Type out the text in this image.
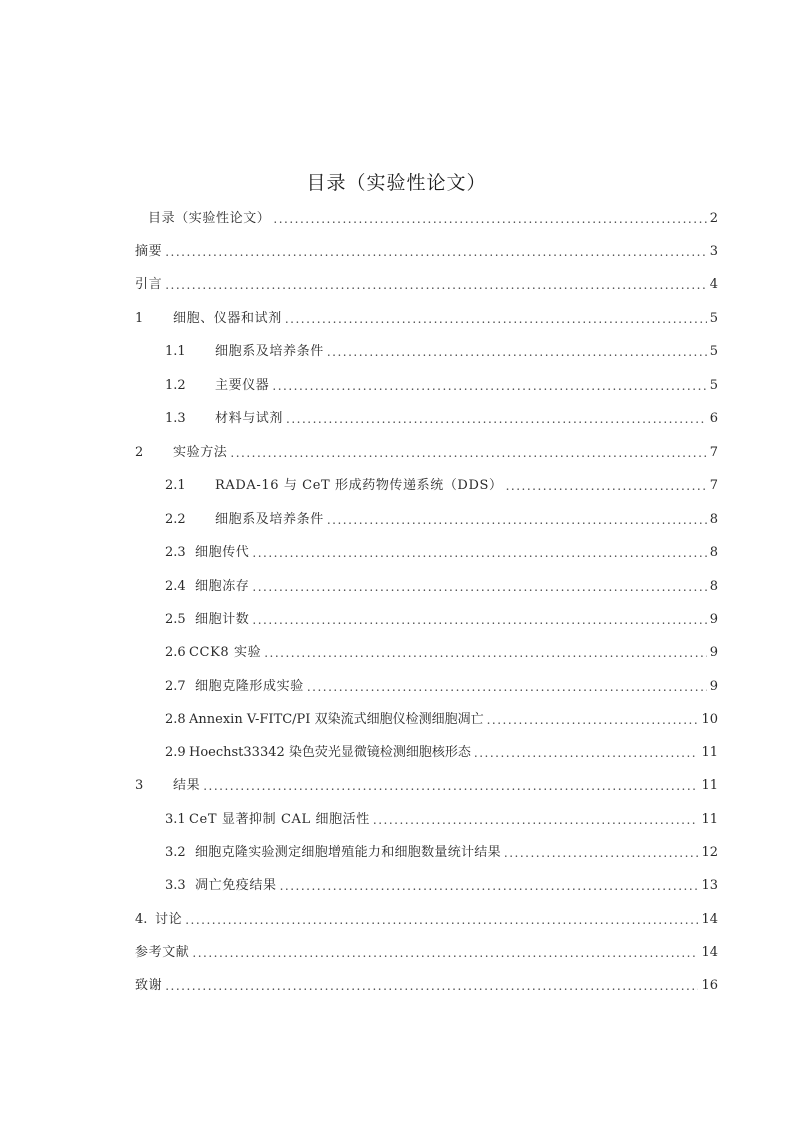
目录（实验性论文）
目录（实验性论文） .....	2
摘要 .....	3
引言 .....	4
1	细胞、仪器和试剂 .....	5
1.1	细胞系及培养条件 .....	5
1.2	主要仪器 .....	5
1.3	材料与试剂 .....	6
2	实验方法 .....	7
2.1	RADA-16 与 CeT 形成药物传递系统（DDS） .....	7
2.2	细胞系及培养条件 .....	8
2.3 细胞传代 .....	8
2.4 细胞冻存 .....	8
2.5 细胞计数 .....	9
2.6 CCK8 实验 .....	9
2.7 细胞克隆形成实验 .....	9
2.8 Annexin V-FITC/PI 双染流式细胞仪检测细胞凋亡 .....	10
2.9 Hoechst33342 染色荧光显微镜检测细胞核形态 .....	11
3	结果 .....	11
3.1 CeT 显著抑制 CAL 细胞活性 .....	11
3.2 细胞克隆实验测定细胞增殖能力和细胞数量统计结果 .....	12
3.3 凋亡免疫结果 .....	13
4. 讨论 .....	14
参考文献 .....	14
致谢 .....	16
